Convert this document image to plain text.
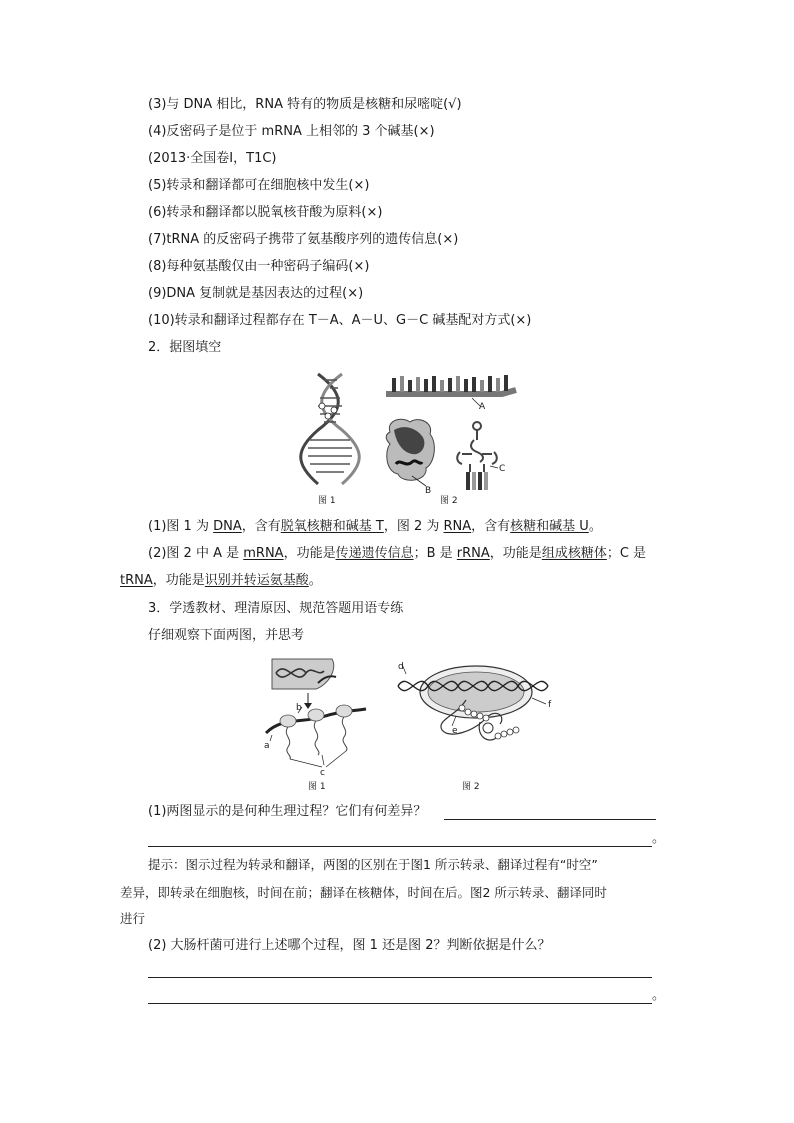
(3)与 DNA 相比，RNA 特有的物质是核糖和尿嘧啶(√)
(4)反密码子是位于 mRNA 上相邻的 3 个碱基(×)
(2013·全国卷Ⅰ，T1C)
(5)转录和翻译都可在细胞核中发生(×)
(6)转录和翻译都以脱氧核苷酸为原料(×)
(7)tRNA 的反密码子携带了氨基酸序列的遗传信息(×)
(8)每种氨基酸仅由一种密码子编码(×)
(9)DNA 复制就是基因表达的过程(×)
(10)转录和翻译过程都存在 T－A、A－U、G－C 碱基配对方式(×)
2．据图填空
图 1
A
B
C
图 2
(1)图 1 为 DNA，含有脱氧核糖和碱基 T，图 2 为 RNA，含有核糖和碱基 U。
(2)图 2 中 A 是 mRNA，功能是传递遗传信息；B 是 rRNA，功能是组成核糖体；C 是
tRNA，功能是识别并转运氨基酸。
3．学透教材、理清原因、规范答题用语专练
仔细观察下面两图，并思考
b
a
c
图 1
d
f
e
图 2
(1)两图显示的是何种生理过程？它们有何差异？
。
提示：图示过程为转录和翻译，两图的区别在于图1 所示转录、翻译过程有“时空”
差异，即转录在细胞核，时间在前；翻译在核糖体，时间在后。图2 所示转录、翻译同时
进行
(2) 大肠杆菌可进行上述哪个过程，图 1 还是图 2？判断依据是什么？
。
